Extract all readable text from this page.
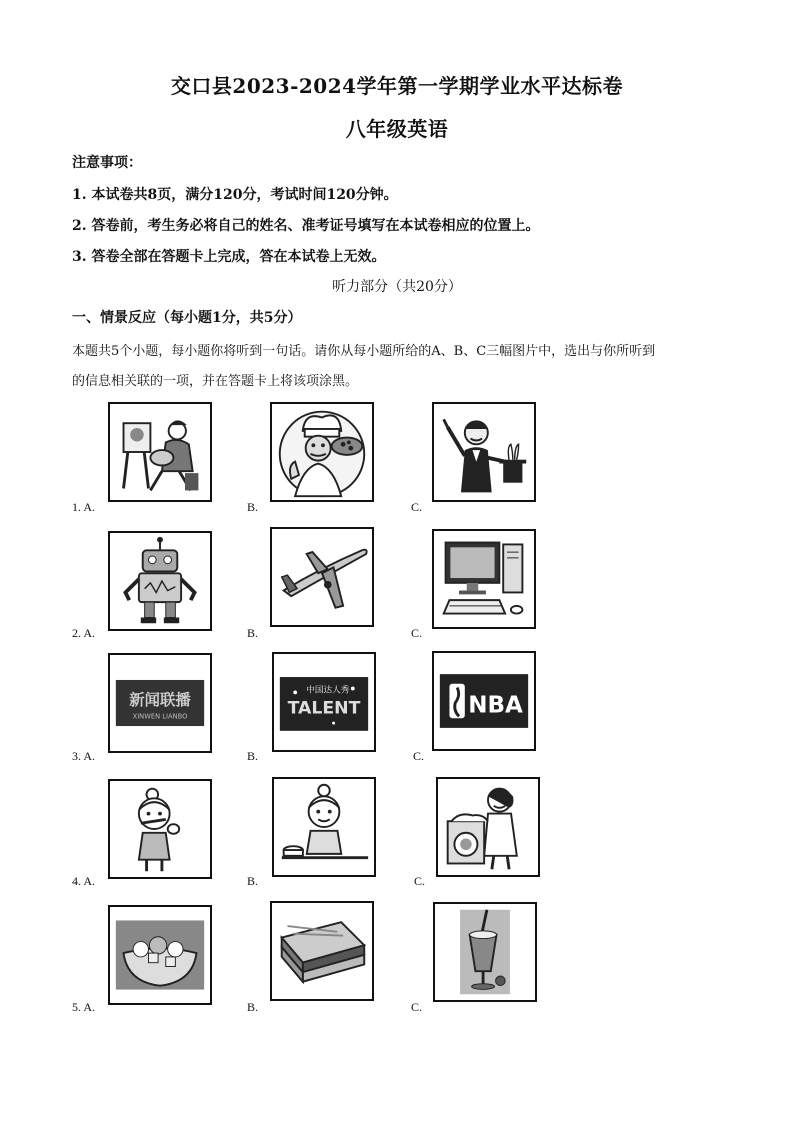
交口县2023-2024学年第一学期学业水平达标卷
八年级英语
注意事项：
1. 本试卷共8页，满分120分，考试时间120分钟。
2. 答卷前，考生务必将自己的姓名、准考证号填写在本试卷相应的位置上。
3. 答卷全部在答题卡上完成，答在本试卷上无效。
听力部分（共20分）
一、情景反应（每小题1分，共5分）
本题共5个小题，每小题你将听到一句话。请你从每小题所给的A、B、C三幅图片中，选出与你所听到
的信息相关联的一项，并在答题卡上将该项涂黑。
1. A.	B.	C.
2. A.	B.	C.
新闻联播
XINWEN LIANBO
中国达人秀
TALENT	NBA
3. A.	B.	C.
4. A.	B.	C.
5. A.	B.	C.
